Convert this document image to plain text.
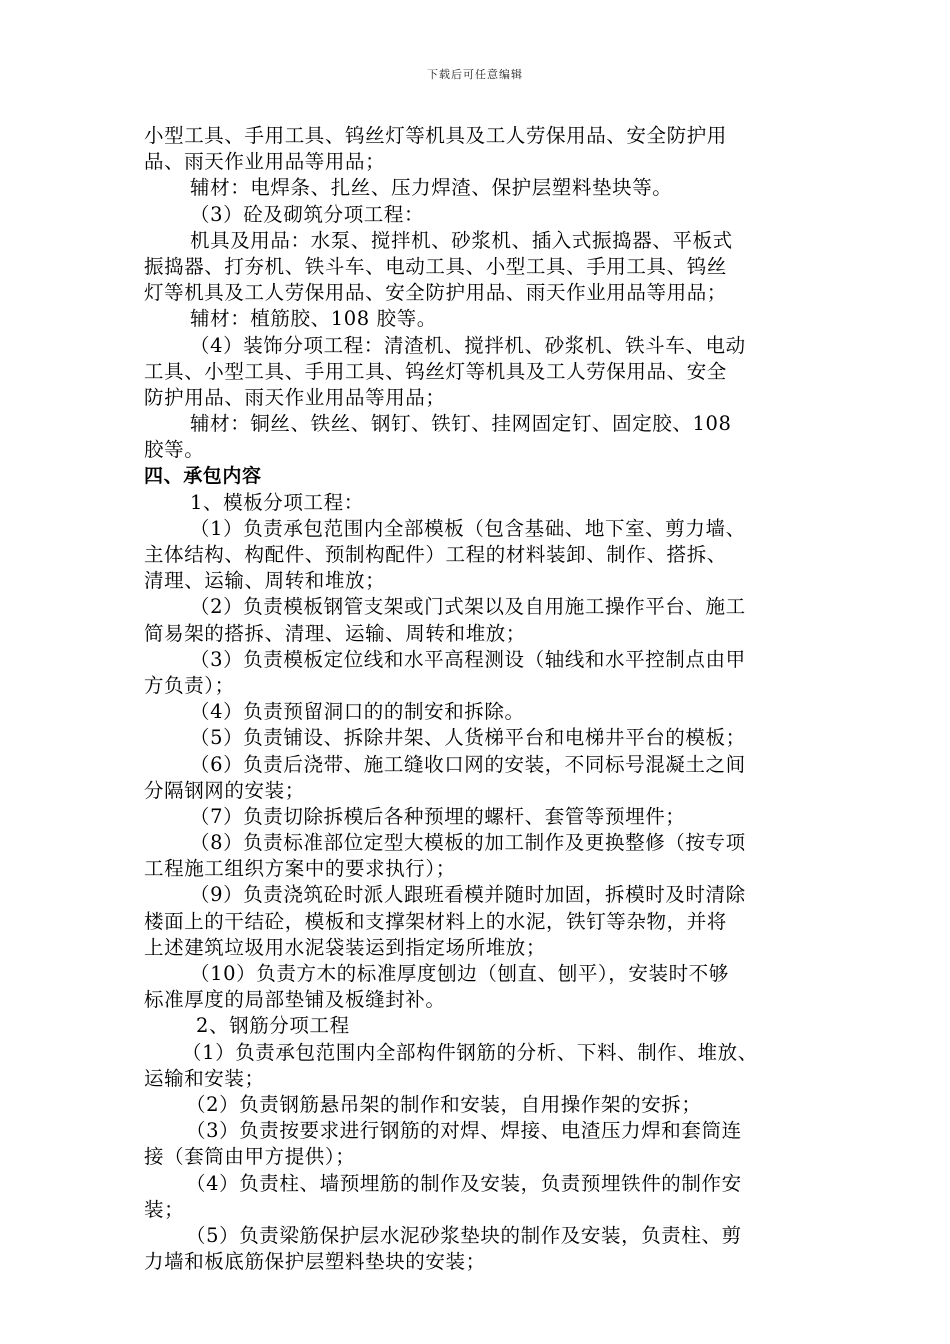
下载后可任意编辑
小型工具、手用工具、钨丝灯等机具及工人劳保用品、安全防护用
品、雨天作业用品等用品；
辅材：电焊条、扎丝、压力焊渣、保护层塑料垫块等。
（3）砼及砌筑分项工程：
机具及用品：水泵、搅拌机、砂浆机、插入式振捣器、平板式
振捣器、打夯机、铁斗车、电动工具、小型工具、手用工具、钨丝
灯等机具及工人劳保用品、安全防护用品、雨天作业用品等用品；
辅材：植筋胶、108 胶等。
（4）装饰分项工程：清渣机、搅拌机、砂浆机、铁斗车、电动
工具、小型工具、手用工具、钨丝灯等机具及工人劳保用品、安全
防护用品、雨天作业用品等用品；
辅材：铜丝、铁丝、钢钉、铁钉、挂网固定钉、固定胶、108
胶等。
四、承包内容
1、模板分项工程：
（1）负责承包范围内全部模板（包含基础、地下室、剪力墙、
主体结构、构配件、预制构配件）工程的材料装卸、制作、搭拆、
清理、运输、周转和堆放；
（2）负责模板钢管支架或门式架以及自用施工操作平台、施工
简易架的搭拆、清理、运输、周转和堆放；
（3）负责模板定位线和水平高程测设（轴线和水平控制点由甲
方负责）；
（4）负责预留洞口的的制安和拆除。
（5）负责铺设、拆除井架、人货梯平台和电梯井平台的模板；
（6）负责后浇带、施工缝收口网的安装，不同标号混凝土之间
分隔钢网的安装；
（7）负责切除拆模后各种预埋的螺杆、套管等预埋件；
（8）负责标准部位定型大模板的加工制作及更换整修（按专项
工程施工组织方案中的要求执行）；
（9）负责浇筑砼时派人跟班看模并随时加固，拆模时及时清除
楼面上的干结砼，模板和支撑架材料上的水泥，铁钉等杂物，并将
上述建筑垃圾用水泥袋装运到指定场所堆放；
（10）负责方木的标准厚度刨边（刨直、刨平），安装时不够
标准厚度的局部垫铺及板缝封补。
2、钢筋分项工程
（1）负责承包范围内全部构件钢筋的分析、下料、制作、堆放、
运输和安装；
（2）负责钢筋悬吊架的制作和安装，自用操作架的安拆；
（3）负责按要求进行钢筋的对焊、焊接、电渣压力焊和套筒连
接（套筒由甲方提供）；
（4）负责柱、墙预埋筋的制作及安装，负责预埋铁件的制作安
装；
（5）负责梁筋保护层水泥砂浆垫块的制作及安装，负责柱、剪
力墙和板底筋保护层塑料垫块的安装；
